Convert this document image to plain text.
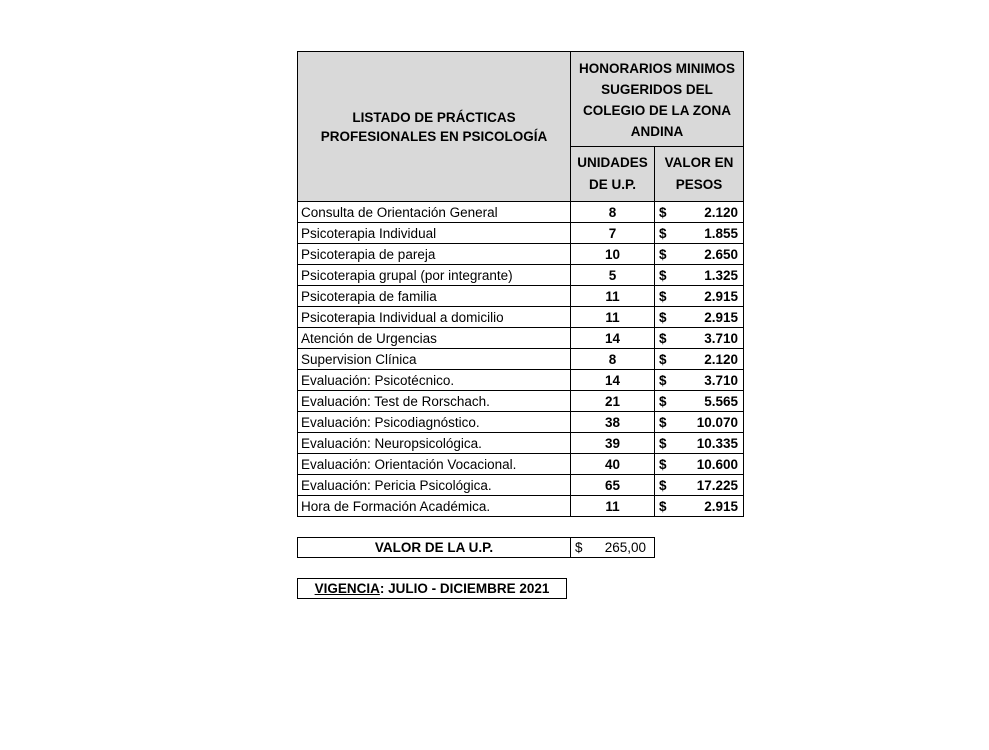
LISTADO DE PRÁCTICAS PROFESIONALES EN PSICOLOGÍA	HONORARIOS MINIMOS SUGERIDOS DEL COLEGIO DE LA ZONA ANDINA	
	UNIDADES DE U.P.	VALOR EN PESOS
Consulta de Orientación General	8	$ 2.120

Psicoterapia Individual	7	$ 1.855

Psicoterapia de pareja	10	$ 2.650

Psicoterapia grupal (por integrante)	5	$ 1.325

Psicoterapia de familia	11	$ 2.915

Psicoterapia Individual a domicilio	11	$ 2.915

Atención de Urgencias	14	$ 3.710

Supervision Clínica	8	$ 2.120

Evaluación: Psicotécnico.	14	$ 3.710

Evaluación: Test de Rorschach.	21	$ 5.565

Evaluación: Psicodiagnóstico.	38	$ 10.070

Evaluación: Neuropsicológica.	39	$ 10.335

Evaluación: Orientación Vocacional.	40	$ 10.600

Evaluación: Pericia Psicológica.	65	$ 17.225

Hora de Formación Académica.	11	$ 2.915
VALOR DE LA U.P.	$ 265,00
VIGENCIA: JULIO - DICIEMBRE 2021
